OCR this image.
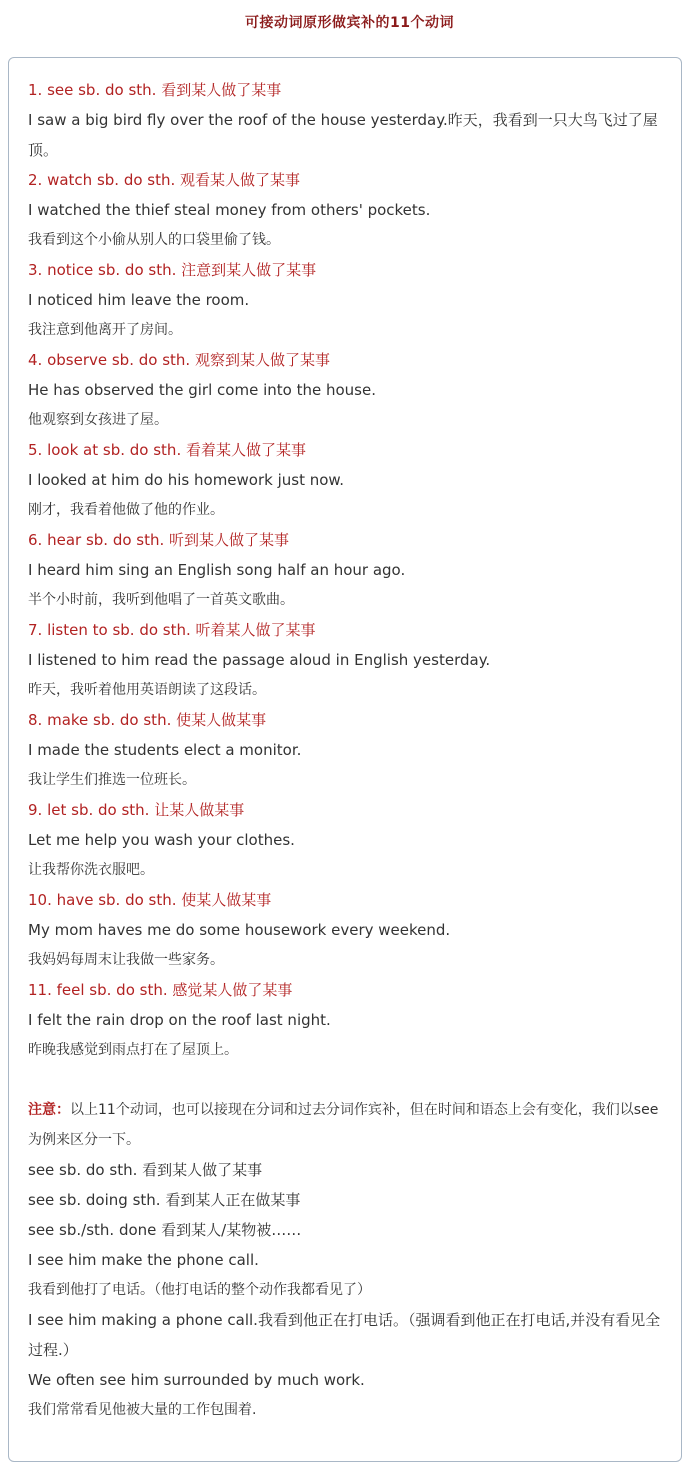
可接动词原形做宾补的11个动词
1. see sb. do sth. 看到某人做了某事
I saw a big bird fly over the roof of the house yesterday.昨天，我看到一只大鸟飞过了屋顶。
2. watch sb. do sth. 观看某人做了某事
I watched the thief steal money from others' pockets.
我看到这个小偷从别人的口袋里偷了钱。
3. notice sb. do sth. 注意到某人做了某事
I noticed him leave the room.
我注意到他离开了房间。
4. observe sb. do sth. 观察到某人做了某事
He has observed the girl come into the house.
他观察到女孩进了屋。
5. look at sb. do sth. 看着某人做了某事
I looked at him do his homework just now.
刚才，我看着他做了他的作业。
6. hear sb. do sth. 听到某人做了某事
I heard him sing an English song half an hour ago.
半个小时前，我听到他唱了一首英文歌曲。
7. listen to sb. do sth. 听着某人做了某事
I listened to him read the passage aloud in English yesterday.
昨天，我听着他用英语朗读了这段话。
8. make sb. do sth. 使某人做某事
I made the students elect a monitor.
我让学生们推选一位班长。
9. let sb. do sth. 让某人做某事
Let me help you wash your clothes.
让我帮你洗衣服吧。
10. have sb. do sth. 使某人做某事
My mom haves me do some housework every weekend.
我妈妈每周末让我做一些家务。
11. feel sb. do sth. 感觉某人做了某事
I felt the rain drop on the roof last night.
昨晚我感觉到雨点打在了屋顶上。
注意：以上11个动词，也可以接现在分词和过去分词作宾补，但在时间和语态上会有变化，我们以see为例来区分一下。
see sb. do sth. 看到某人做了某事
see sb. doing sth. 看到某人正在做某事
see sb./sth. done 看到某人/某物被……
I see him make the phone call.
我看到他打了电话。（他打电话的整个动作我都看见了）
I see him making a phone call.我看到他正在打电话。（强调看到他正在打电话,并没有看见全过程.）
We often see him surrounded by much work.
我们常常看见他被大量的工作包围着.
